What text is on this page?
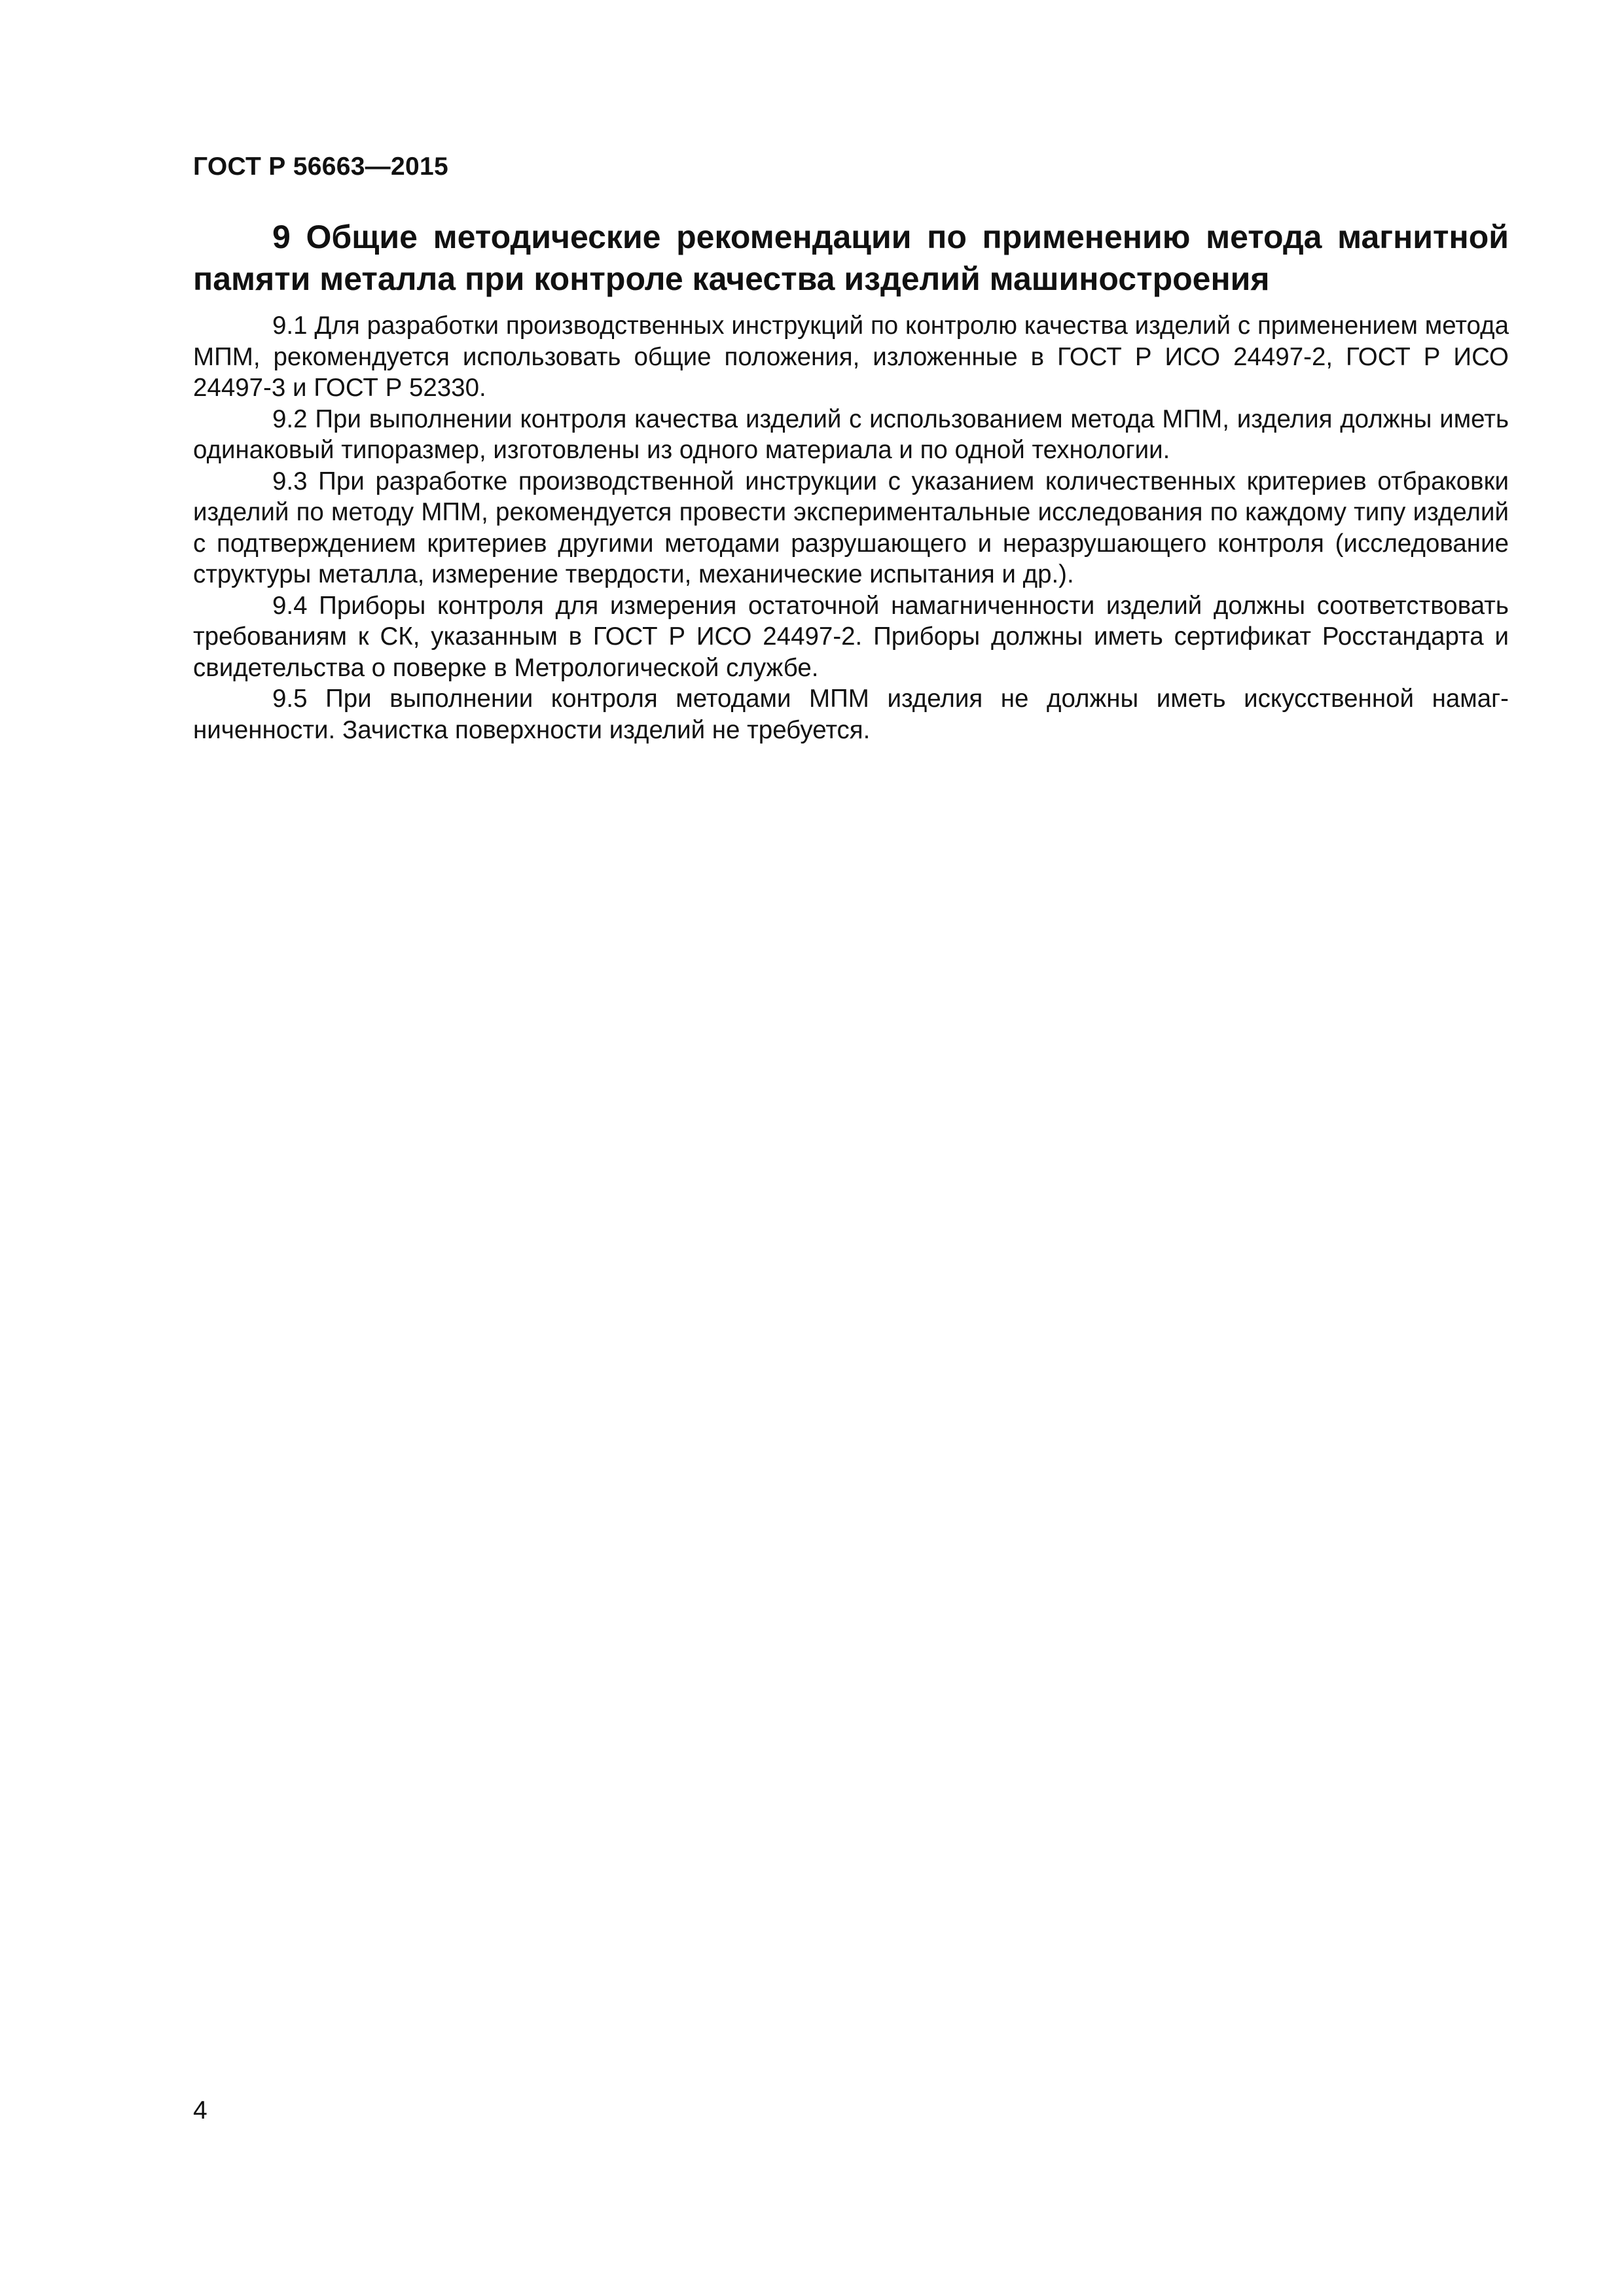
ГОСТ Р 56663—2015
9 Общие методические рекомендации по применению метода магнитной памяти металла при контроле качества изделий машиностроения

9.1 Для разработки производственных инструкций по контролю качества изделий с применением метода МПМ, рекомендуется использовать общие положения, изложенные в ГОСТ Р ИСО 24497-2, ГОСТ Р ИСО 24497-3 и ГОСТ Р 52330.

9.2 При выполнении контроля качества изделий с использованием метода МПМ, изделия должны иметь одинаковый типоразмер, изготовлены из одного материала и по одной технологии.

9.3 При разработке производственной инструкции с указанием количественных критериев отбраковки изделий по методу МПМ, рекомендуется провести экспериментальные исследования по каждому типу изделий с подтверждением критериев другими методами разрушающего и неразрушающего контроля (исследование структуры металла, измерение твердости, механические испытания и др.).

9.4 Приборы контроля для измерения остаточной намагниченности изделий должны соответствовать требованиям к СК, указанным в ГОСТ Р ИСО 24497-2. Приборы должны иметь сертификат Росстандарта и свидетельства о поверке в Метрологической службе.

9.5 При выполнении контроля методами МПМ изделия не должны иметь искусственной намагниченности. Зачистка поверхности изделий не требуется.

4
